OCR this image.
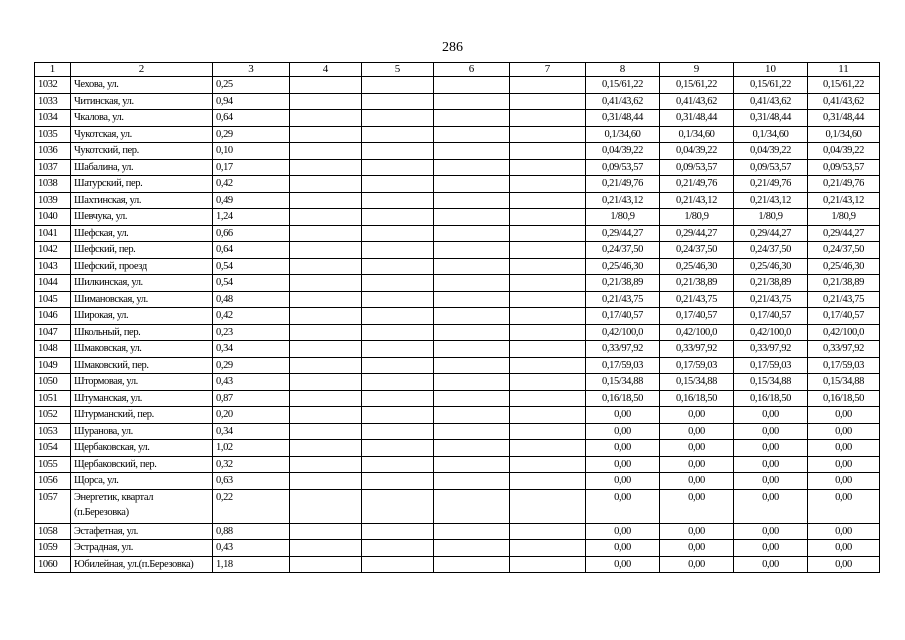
286
1	2	3	4	5	6	7	8	9	10	11
1032	Чехова, ул.	0,25					0,15/61,22	0,15/61,22	0,15/61,22	0,15/61,22
1033	Читинская, ул.	0,94					0,41/43,62	0,41/43,62	0,41/43,62	0,41/43,62
1034	Чкалова, ул.	0,64					0,31/48,44	0,31/48,44	0,31/48,44	0,31/48,44
1035	Чукотская, ул.	0,29					0,1/34,60	0,1/34,60	0,1/34,60	0,1/34,60
1036	Чукотский, пер.	0,10					0,04/39,22	0,04/39,22	0,04/39,22	0,04/39,22
1037	Шабалина, ул.	0,17					0,09/53,57	0,09/53,57	0,09/53,57	0,09/53,57
1038	Шатурский, пер.	0,42					0,21/49,76	0,21/49,76	0,21/49,76	0,21/49,76
1039	Шахтинская, ул.	0,49					0,21/43,12	0,21/43,12	0,21/43,12	0,21/43,12
1040	Шевчука, ул.	1,24					1/80,9	1/80,9	1/80,9	1/80,9
1041	Шефская, ул.	0,66					0,29/44,27	0,29/44,27	0,29/44,27	0,29/44,27
1042	Шефский, пер.	0,64					0,24/37,50	0,24/37,50	0,24/37,50	0,24/37,50
1043	Шефский, проезд	0,54					0,25/46,30	0,25/46,30	0,25/46,30	0,25/46,30
1044	Шилкинская, ул.	0,54					0,21/38,89	0,21/38,89	0,21/38,89	0,21/38,89
1045	Шимановская, ул.	0,48					0,21/43,75	0,21/43,75	0,21/43,75	0,21/43,75
1046	Широкая, ул.	0,42					0,17/40,57	0,17/40,57	0,17/40,57	0,17/40,57
1047	Школьный, пер.	0,23					0,42/100,0	0,42/100,0	0,42/100,0	0,42/100,0
1048	Шмаковская, ул.	0,34					0,33/97,92	0,33/97,92	0,33/97,92	0,33/97,92
1049	Шмаковский, пер.	0,29					0,17/59,03	0,17/59,03	0,17/59,03	0,17/59,03
1050	Штормовая, ул.	0,43					0,15/34,88	0,15/34,88	0,15/34,88	0,15/34,88
1051	Штуманская, ул.	0,87					0,16/18,50	0,16/18,50	0,16/18,50	0,16/18,50
1052	Штурманский, пер.	0,20					0,00	0,00	0,00	0,00
1053	Шуранова, ул.	0,34					0,00	0,00	0,00	0,00
1054	Щербаковская, ул.	1,02					0,00	0,00	0,00	0,00
1055	Щербаковский, пер.	0,32					0,00	0,00	0,00	0,00
1056	Щорса, ул.	0,63					0,00	0,00	0,00	0,00
1057	Энергетик, квартал
(п.Березовка)	0,22					0,00	0,00	0,00	0,00
1058	Эстафетная, ул.	0,88					0,00	0,00	0,00	0,00
1059	Эстрадная, ул.	0,43					0,00	0,00	0,00	0,00
1060	Юбилейная, ул.(п.Березовка)	1,18					0,00	0,00	0,00	0,00
